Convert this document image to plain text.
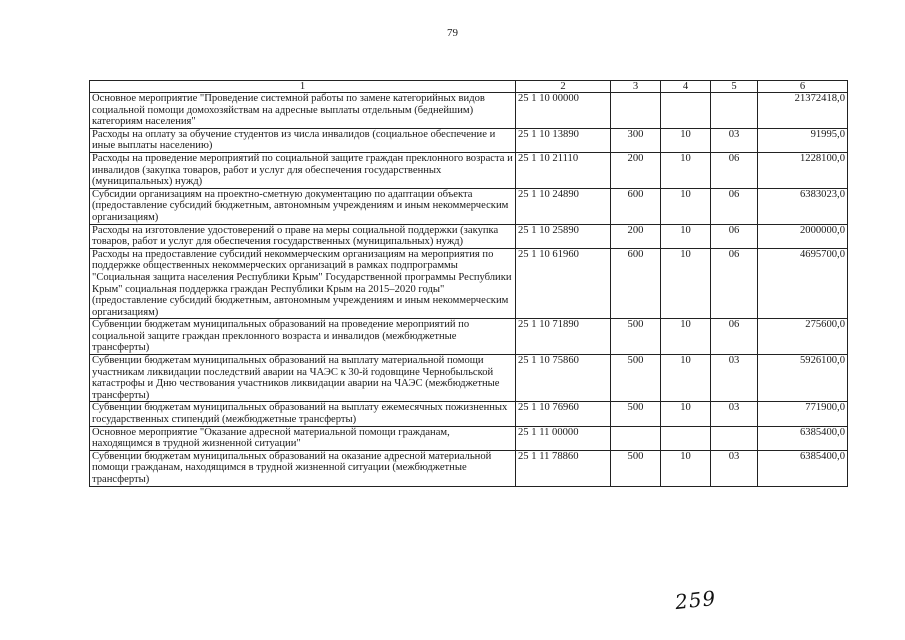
79
1	2	3	4	5	6
Основное мероприятие "Проведение системной работы по замене категорийных видов социальной помощи домохозяйствам на адресные выплаты отдельным (беднейшим) категориям населения"	25 1 10 00000				21372418,0
Расходы на оплату за обучение студентов из числа инвалидов (социальное обеспечение и иные выплаты населению)	25 1 10 13890	300	10	03	91995,0
Расходы на проведение мероприятий по социальной защите граждан преклонного возраста и инвалидов (закупка товаров, работ и услуг для обеспечения государственных (муниципальных) нужд)	25 1 10 21110	200	10	06	1228100,0
Субсидии организациям на проектно-сметную документацию по адаптации объекта (предоставление субсидий бюджетным, автономным учреждениям и иным некоммерческим организациям)	25 1 10 24890	600	10	06	6383023,0
Расходы на изготовление удостоверений о праве на меры социальной поддержки (закупка товаров, работ и услуг для обеспечения государственных (муниципальных) нужд)	25 1 10 25890	200	10	06	2000000,0
Расходы на предоставление субсидий некоммерческим организациям на мероприятия по поддержке общественных некоммерческих организаций в рамках подпрограммы "Социальная защита населения Республики Крым" Государственной программы Республики Крым" социальная поддержка граждан Республики Крым на 2015–2020 годы" (предоставление субсидий бюджетным, автономным учреждениям и иным некоммерческим организациям)	25 1 10 61960	600	10	06	4695700,0
Субвенции бюджетам муниципальных образований на проведение мероприятий по социальной защите граждан преклонного возраста и инвалидов (межбюджетные трансферты)	25 1 10 71890	500	10	06	275600,0
Субвенции бюджетам муниципальных образований на выплату материальной помощи участникам ликвидации последствий аварии на ЧАЭС к 30-й годовщине Чернобыльской катастрофы и Дню чествования участников ликвидации аварии на ЧАЭС (межбюджетные трансферты)	25 1 10 75860	500	10	03	5926100,0
Субвенции бюджетам муниципальных образований на выплату ежемесячных пожизненных государственных стипендий (межбюджетные трансферты)	25 1 10 76960	500	10	03	771900,0
Основное мероприятие "Оказание адресной материальной помощи гражданам, находящимся в трудной жизненной ситуации"	25 1 11 00000				6385400,0
Субвенции бюджетам муниципальных образований на оказание адресной материальной помощи гражданам, находящимся в трудной жизненной ситуации (межбюджетные трансферты)	25 1 11 78860	500	10	03	6385400,0
259
